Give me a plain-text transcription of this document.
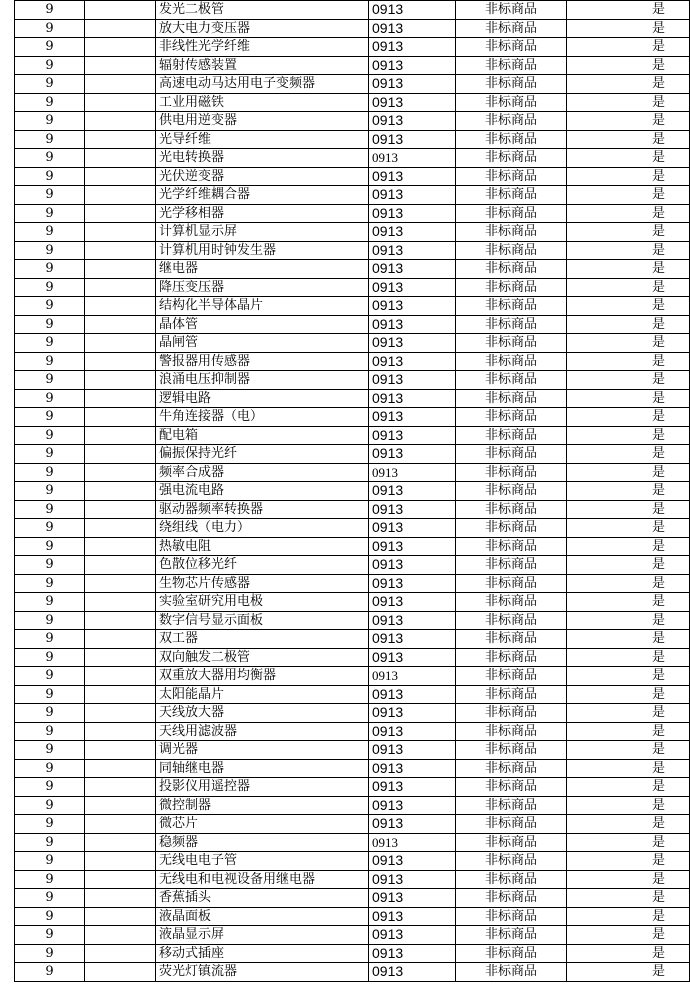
9		发光二极管	0913	非标商品	是
9		放大电力变压器	0913	非标商品	是
9		非线性光学纤维	0913	非标商品	是
9		辐射传感装置	0913	非标商品	是
9		高速电动马达用电子变频器	0913	非标商品	是
9		工业用磁铁	0913	非标商品	是
9		供电用逆变器	0913	非标商品	是
9		光导纤维	0913	非标商品	是
9		光电转换器	0913	非标商品	是
9		光伏逆变器	0913	非标商品	是
9		光学纤维耦合器	0913	非标商品	是
9		光学移相器	0913	非标商品	是
9		计算机显示屏	0913	非标商品	是
9		计算机用时钟发生器	0913	非标商品	是
9		继电器	0913	非标商品	是
9		降压变压器	0913	非标商品	是
9		结构化半导体晶片	0913	非标商品	是
9		晶体管	0913	非标商品	是
9		晶闸管	0913	非标商品	是
9		警报器用传感器	0913	非标商品	是
9		浪涌电压抑制器	0913	非标商品	是
9		逻辑电路	0913	非标商品	是
9		牛角连接器（电）	0913	非标商品	是
9		配电箱	0913	非标商品	是
9		偏振保持光纤	0913	非标商品	是
9		频率合成器	0913	非标商品	是
9		强电流电路	0913	非标商品	是
9		驱动器频率转换器	0913	非标商品	是
9		绕组线（电力）	0913	非标商品	是
9		热敏电阻	0913	非标商品	是
9		色散位移光纤	0913	非标商品	是
9		生物芯片传感器	0913	非标商品	是
9		实验室研究用电极	0913	非标商品	是
9		数字信号显示面板	0913	非标商品	是
9		双工器	0913	非标商品	是
9		双向触发二极管	0913	非标商品	是
9		双重放大器用均衡器	0913	非标商品	是
9		太阳能晶片	0913	非标商品	是
9		天线放大器	0913	非标商品	是
9		天线用滤波器	0913	非标商品	是
9		调光器	0913	非标商品	是
9		同轴继电器	0913	非标商品	是
9		投影仪用遥控器	0913	非标商品	是
9		微控制器	0913	非标商品	是
9		微芯片	0913	非标商品	是
9		稳频器	0913	非标商品	是
9		无线电电子管	0913	非标商品	是
9		无线电和电视设备用继电器	0913	非标商品	是
9		香蕉插头	0913	非标商品	是
9		液晶面板	0913	非标商品	是
9		液晶显示屏	0913	非标商品	是
9		移动式插座	0913	非标商品	是
9		荧光灯镇流器	0913	非标商品	是
